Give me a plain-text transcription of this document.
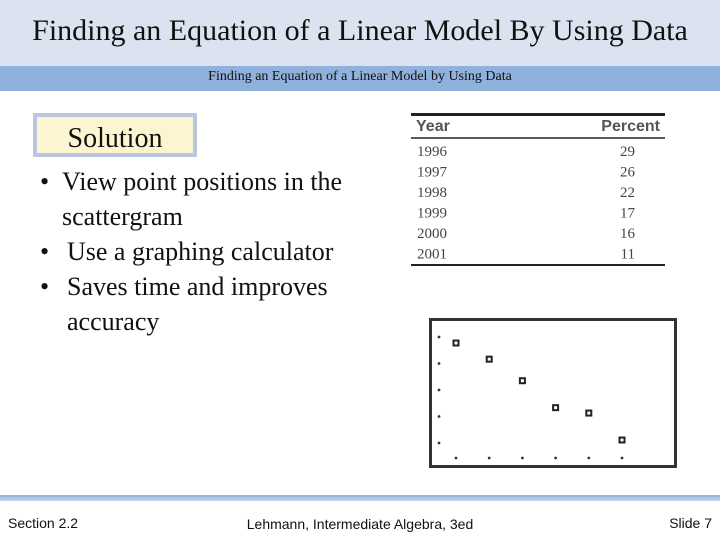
Finding an Equation of a Linear Model By Using Data
Finding an Equation of a Linear Model by Using Data
Solution
• View point positions in the
scattergram
• Use a graphing calculator
• Saves time and improves
accuracy
Year	Percent
1996	29
1997	26
1998	22
1999	17
2000	16
2001	11
Section 2.2	Lehmann, Intermediate Algebra, 3ed	Slide 7
